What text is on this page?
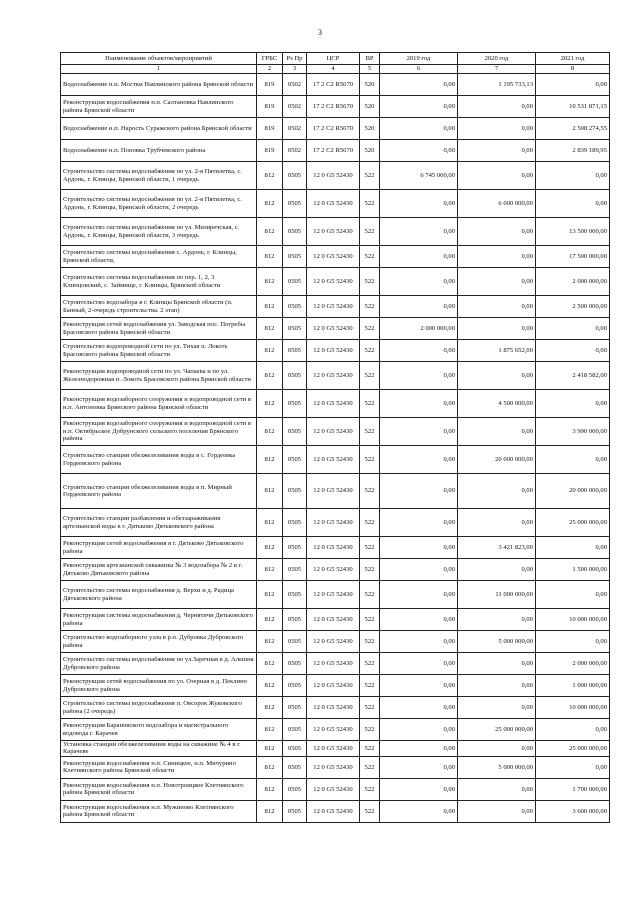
3
Наименование объектов/мероприятий	ГРБС	Рз Пр	ЦСР	ВР	2019 год	2020 год	2021 год
1	2	3	4	5	6	7	8
Водоснабжение н.п. Мостки Навлинского района Брянской области	819	0502	17 2 С2 R5670	520	0,00	1 195 733,13	0,00
Реконструкция водоснабжения н.п. Салтановка Навлинского района Брянской области	819	0502	17 2 С2 R5670	520	0,00	0,00	10 531 871,15
Водоснабжение н.п. Нарость Суражского района Брянской области	819	0502	17 2 С2 R5670	520	0,00	0,00	2 508 274,55
Водоснабжение н.п. Поповка Трубчевского района	819	0502	17 2 С2 R5670	520	0,00	0,00	2 839 189,95
Строительство системы водоснабжения по ул. 2-я Пятилетка, с. Ардонь, г. Клинцы, Брянской области, 1 очередь	812	0505	12 0 G5 52430	522	6 745 000,00	0,00	0,00
Строительство системы водоснабжения по ул. 2-я Пятилетка, с. Ардонь, г. Клинцы, Брянской области, 2 очередь	812	0505	12 0 G5 52430	522	0,00	6 000 000,00	0,00
Строительство системы водоснабжения по ул. Мизиречская, с. Ардонь, г. Клинцы, Брянской области, 3 очередь	812	0505	12 0 G5 52430	522	0,00	0,00	13 500 000,00
Строительство системы водоснабжения с. Ардонь, г. Клинцы, Брянской области,	812	0505	12 0 G5 52430	522	0,00	0,00	17 500 000,00
Строительство системы водоснабжения по пер. 1, 2, 3 Клинцовский, с. Займище, г. Клинцы, Брянской области	812	0505	12 0 G5 52430	522	0,00	0,00	2 000 000,00
Строительство водозабора в г. Клинцы Брянской области (п. Банный, 2-очередь строительства. 2 этап)	812	0505	12 0 G5 52430	522	0,00	0,00	2 500 000,00
Реконструкция сетей водоснабжения ул. Заводская пос. Погребы Брасовского района Брянской области	812	0505	12 0 G5 52430	522	2 000 000,00	0,00	0,00
Строительство водопроводной сети по ул. Тихая п. Локоть Брасовского района Брянской области	812	0505	12 0 G5 52430	522	0,00	1 875 652,00	0,00
Реконструкция водопроводной сети по ул. Чапаева и по ул. Железнодорожная п. Локоть Брасовского района Брянской области	812	0505	12 0 G5 52430	522	0,00	0,00	2 418 582,00
Реконструкция водозаборного сооружения и водопроводной сети в н.п. Антоновка Брянского района Брянской области	812	0505	12 0 G5 52430	522	0,00	4 500 000,00	0,00
Реконструкция водозаборного сооружения и водопроводной сети в н.п. Октябрьское Добрунского сельского поселения Брянского района	812	0505	12 0 G5 52430	522	0,00	0,00	3 990 000,00
Строительство станции обезжелезивания воды в с. Гордеевка Гордеевского района	812	0505	12 0 G5 52430	522	0,00	20 000 000,00	0,00
Строительство станции обезжелезивания воды в п. Мирный Гордеевского района	812	0505	12 0 G5 52430	522	0,00	0,00	20 000 000,00
Строительство станции разбавления и обеззараживания артезианской воды в г. Дятьково Дятьковского района	812	0505	12 0 G5 52430	522	0,00	0,00	25 000 000,00
Реконструкция сетей водоснабжения в г. Дятьково Дятьковского района	812	0505	12 0 G5 52430	522	0,00	3 421 823,00	0,00
Реконструкция артезианской скважины № 3 водозабора № 2 в г. Дятьково Дятьковского района	812	0505	12 0 G5 52430	522	0,00	0,00	1 500 000,00
Строительство системы водоснабжения д. Верхи и д. Радица Дятьковского района	812	0505	12 0 G5 52430	522	0,00	11 000 000,00	0,00
Реконструкция системы водоснабжения д. Чернятичи Дятьковского района	812	0505	12 0 G5 52430	522	0,00	0,00	10 000 000,00
Строительство водозаборного узла в р.п. Дубровка Дубровского района	812	0505	12 0 G5 52430	522	0,00	5 000 000,00	0,00
Строительство системы водоснабжения по ул.Заречная в д. Алешня Дубровского района	812	0505	12 0 G5 52430	522	0,00	0,00	2 000 000,00
Реконструкция сетей водоснабжения по ул. Озерная в д. Пеклино Дубровского района	812	0505	12 0 G5 52430	522	0,00	0,00	1 000 000,00
Строительство системы водоснабжения п. Овсорок Жуковского района (2 очередь)	812	0505	12 0 G5 52430	522	0,00	0,00	10 000 000,00
Реконструкция Барановского водозабора и магистрального водовода г. Карачев	812	0505	12 0 G5 52430	522	0,00	25 000 000,00	0,00
Установка станции обезжелезивания воды на скважине № 4 в г. Карачеве	812	0505	12 0 G5 52430	522	0,00	0,00	25 000 000,00
Реконструкция водоснабжения н.п. Синицкое, н.п. Мичурино Клетнянского района Брянской области	812	0505	12 0 G5 52430	522	0,00	5 000 000,00	0,00
Реконструкция водоснабжения н.п. Новотроицкое Клетнянского района Брянской области	812	0505	12 0 G5 52430	522	0,00	0,00	1 700 000,00
Реконструкция водоснабжения н.п. Мужиново Клетнянского района Брянской области	812	0505	12 0 G5 52430	522	0,00	0,00	3 600 000,00
